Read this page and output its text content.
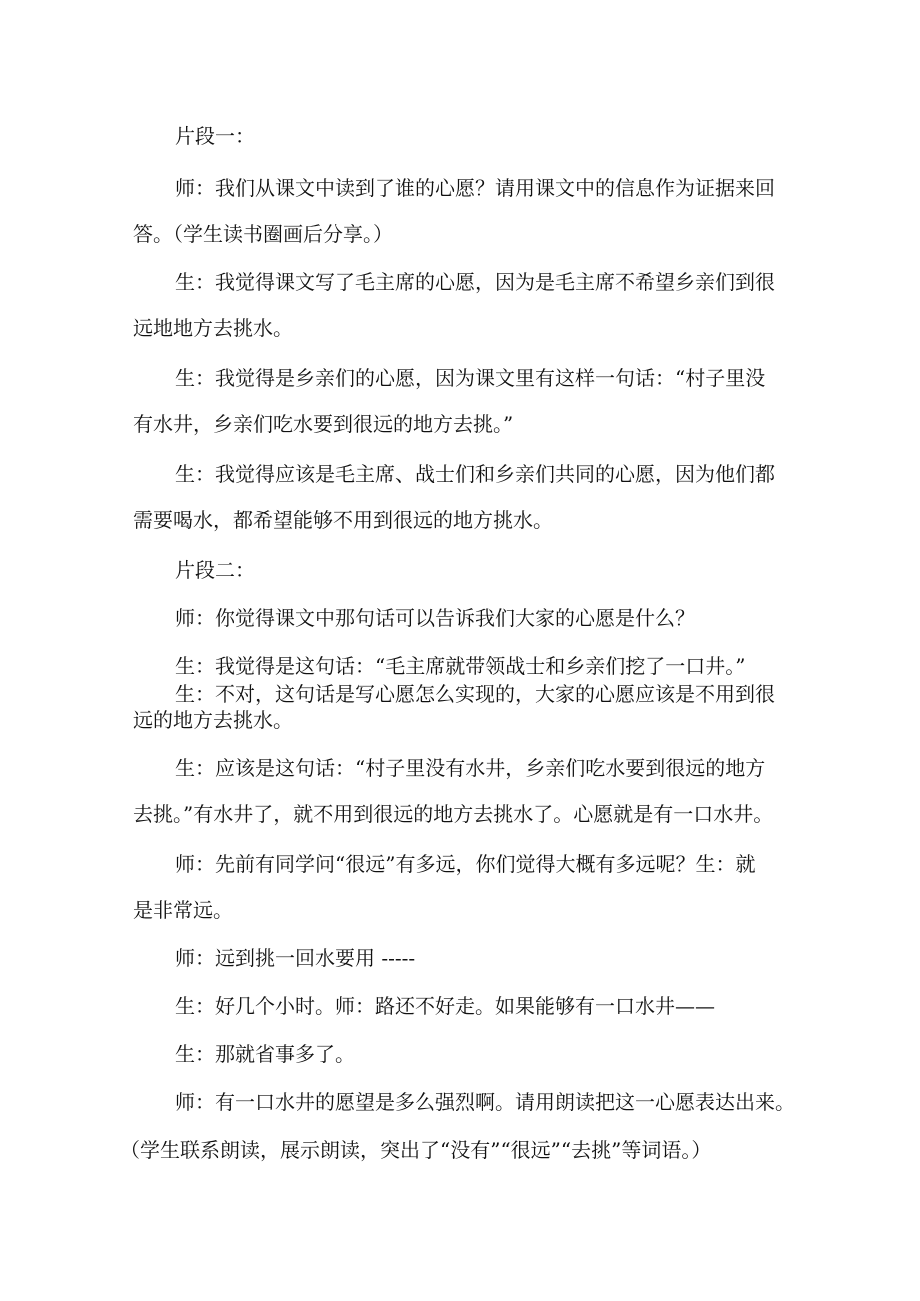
片段一：
师：我们从课文中读到了谁的心愿？请用课文中的信息作为证据来回
答。（学生读书圈画后分享。）
生：我觉得课文写了毛主席的心愿，因为是毛主席不希望乡亲们到很
远地地方去挑水。
生：我觉得是乡亲们的心愿，因为课文里有这样一句话：“村子里没
有水井，乡亲们吃水要到很远的地方去挑。”
生：我觉得应该是毛主席、战士们和乡亲们共同的心愿，因为他们都
需要喝水，都希望能够不用到很远的地方挑水。
片段二：
师：你觉得课文中那句话可以告诉我们大家的心愿是什么？
生：我觉得是这句话：“毛主席就带领战士和乡亲们挖了一口井。”
生：不对，这句话是写心愿怎么实现的，大家的心愿应该是不用到很
远的地方去挑水。
生：应该是这句话：“村子里没有水井，乡亲们吃水要到很远的地方
去挑。”有水井了，就不用到很远的地方去挑水了。心愿就是有一口水井。
师：先前有同学问“很远”有多远，你们觉得大概有多远呢？生：就
是非常远。
师：远到挑一回水要用 -----
生：好几个小时。师：路还不好走。如果能够有一口水井——
生：那就省事多了。
师：有一口水井的愿望是多么强烈啊。请用朗读把这一心愿表达出来。
（学生联系朗读，展示朗读，突出了“没有”“很远”“去挑”等词语。）
